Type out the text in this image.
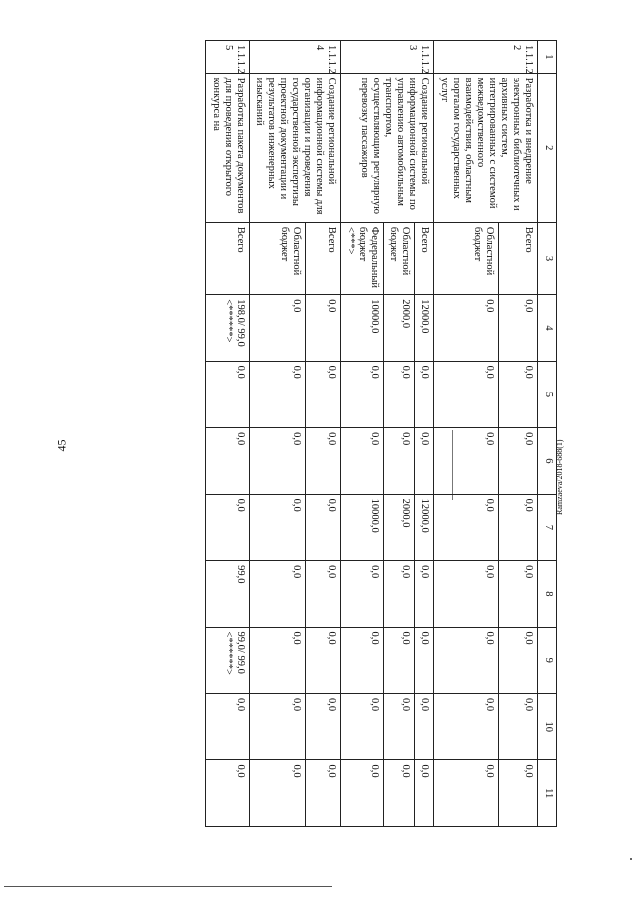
45	Ramzaeva/2018-688(1)
1	2	3	4	5	6	7	8	9	10	11
1.1.1.2 2	Разработка и внедрение электронных библиотечных и архивных систем, интегрированных с системой межведомственного взаимодействия, областным порталом государственных услуг	Всего	0,0	0,0	0,0	0,0	0,0	0,0	0,0	0,0
		Областной бюджет	0,0	0,0	0,0	0,0	0,0	0,0	0,0	0,0
1.1.1.2 3	Создание региональной информационной системы по управлению автомобильным транспортом, осуществляющим регулярную перевозку пассажиров	Всего	12000,0	0,0	0,0	12000,0	0,0	0,0	0,0	0,0
		Областной бюджет	2000,0	0,0	0,0	2000,0	0,0	0,0	0,0	0,0
		Федеральный бюджет <***>	10000,0	0,0	0,0	10000,0	0,0	0,0	0,0	0,0
1.1.1.2 4	Создание региональной информационной системы для организации и проведения государственной экспертизы проектной документации и результатов инженерных изысканий	Всего	0,0	0,0	0,0	0,0	0,0	0,0	0,0	0,0
		Областной бюджет	0,0	0,0	0,0	0,0	0,0	0,0	0,0	0,0
1.1.1.2 5	Разработка пакета документов для проведения открытого конкурса на	Всего	198,0/ 99,0 <******>	0,0	0,0	0,0	99,0	99,0/ 99,0 <******>	0,0	0,0
